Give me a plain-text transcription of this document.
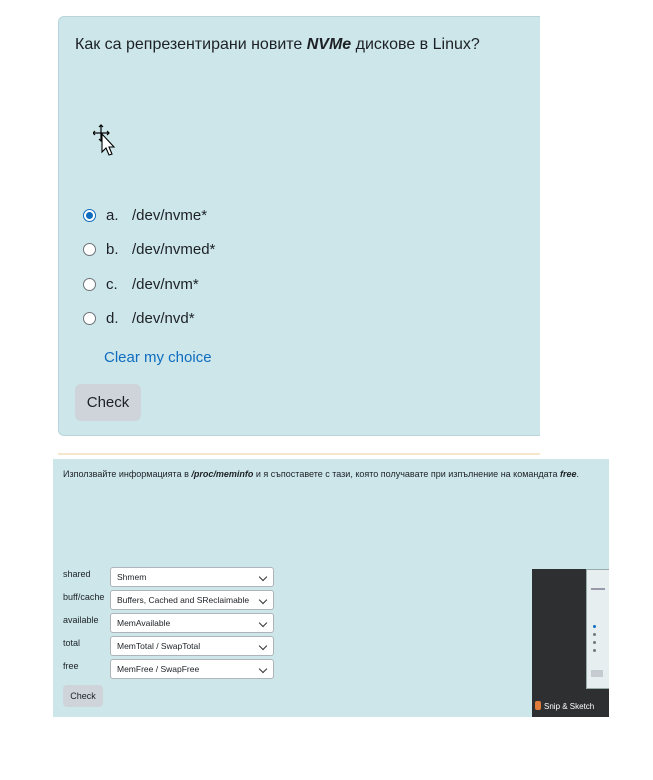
Как са репрезентирани новите NVMe дискове в Linux?
a. /dev/nvme*
b. /dev/nvmed*
c. /dev/nvm*
d. /dev/nvd*
Clear my choice
Check
Използвайте информацията в /proc/meminfo и я съпоставете с тази, която получавате при изпълнение на командата free.
shared	Shmem
buff/cache	Buffers, Cached and SReclaimable
available	MemAvailable
total	MemTotal / SwapTotal
free	MemFree / SwapFree
Check
Snip & Sketch
